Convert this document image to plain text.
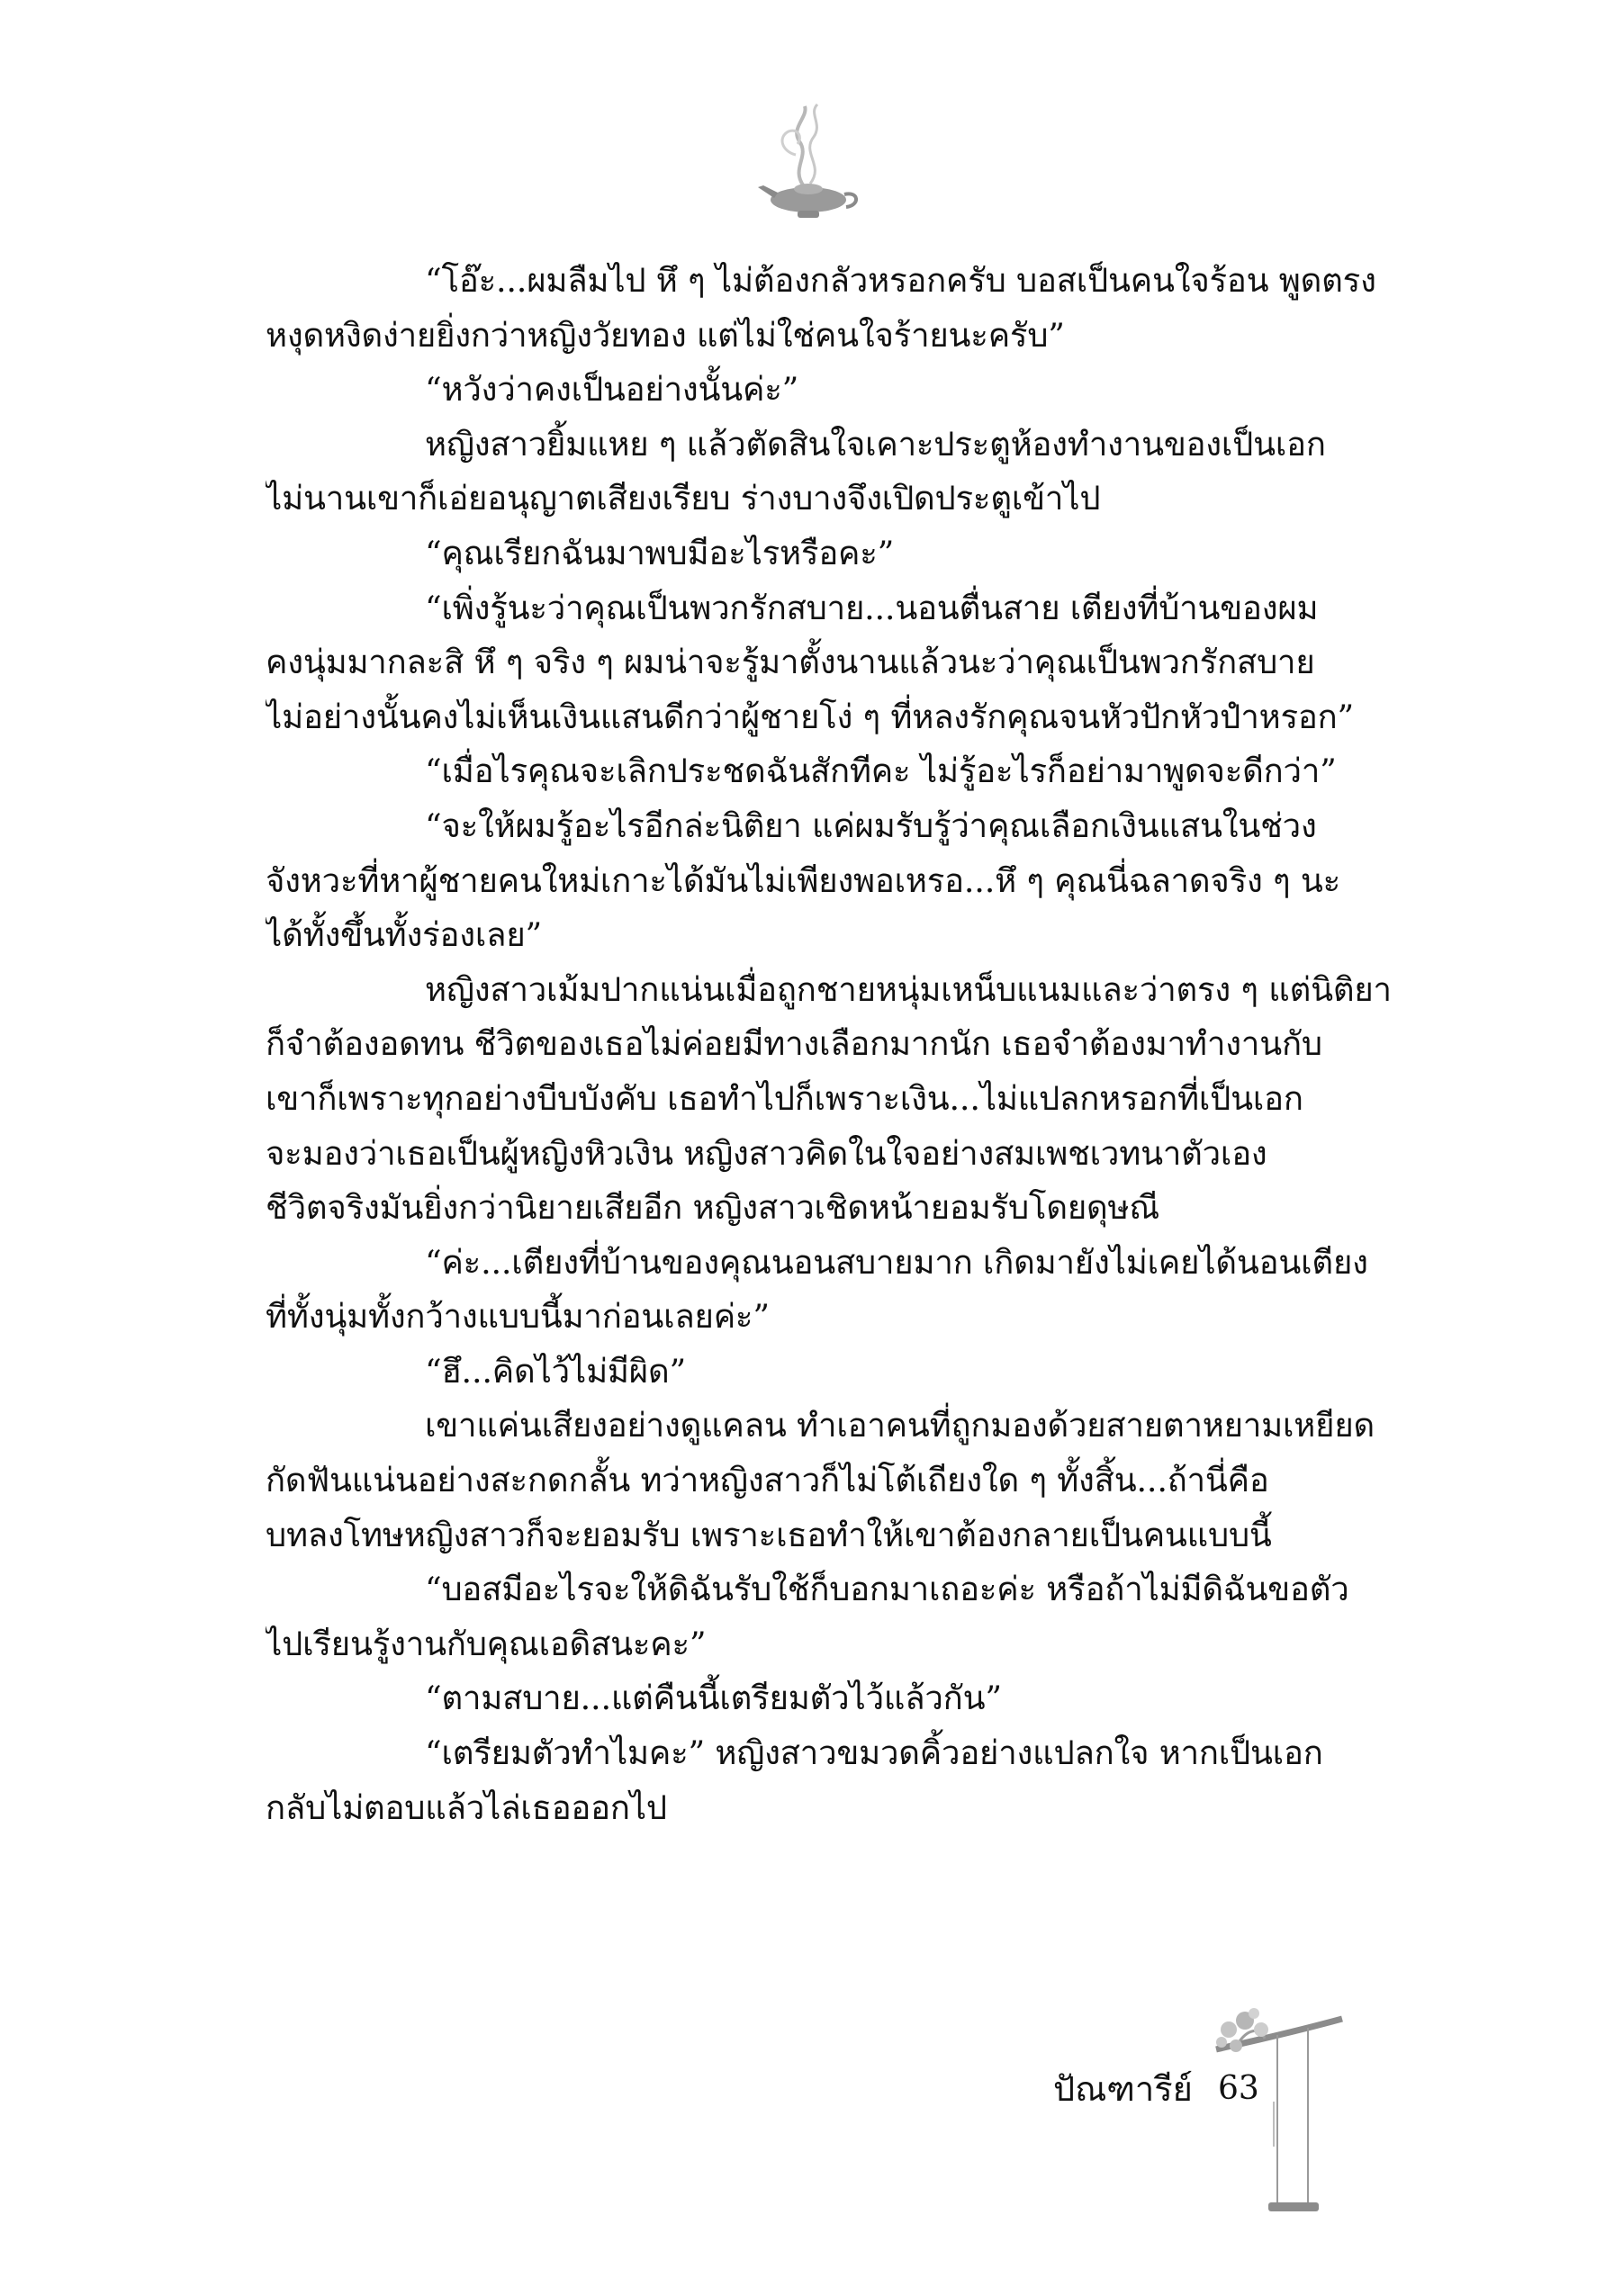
“โอ๊ะ...ผมลืมไป หึ ๆ ไม่ต้องกลัวหรอกครับ บอสเป็นคนใจร้อน พูดตรง
หงุดหงิดง่ายยิ่งกว่าหญิงวัยทอง แต่ไม่ใช่คนใจร้ายนะครับ”
“หวังว่าคงเป็นอย่างนั้นค่ะ”
หญิงสาวยิ้มแหย ๆ แล้วตัดสินใจเคาะประตูห้องทำงานของเป็นเอก
ไม่นานเขาก็เอ่ยอนุญาตเสียงเรียบ ร่างบางจึงเปิดประตูเข้าไป
“คุณเรียกฉันมาพบมีอะไรหรือคะ”
“เพิ่งรู้นะว่าคุณเป็นพวกรักสบาย...นอนตื่นสาย เตียงที่บ้านของผม
คงนุ่มมากละสิ หึ ๆ จริง ๆ ผมน่าจะรู้มาตั้งนานแล้วนะว่าคุณเป็นพวกรักสบาย
ไม่อย่างนั้นคงไม่เห็นเงินแสนดีกว่าผู้ชายโง่ ๆ ที่หลงรักคุณจนหัวปักหัวปำหรอก”
“เมื่อไรคุณจะเลิกประชดฉันสักทีคะ ไม่รู้อะไรก็อย่ามาพูดจะดีกว่า”
“จะให้ผมรู้อะไรอีกล่ะนิติยา แค่ผมรับรู้ว่าคุณเลือกเงินแสนในช่วง
จังหวะที่หาผู้ชายคนใหม่เกาะได้มันไม่เพียงพอเหรอ...หึ ๆ คุณนี่ฉลาดจริง ๆ นะ
ได้ทั้งขึ้นทั้งร่องเลย”
หญิงสาวเม้มปากแน่นเมื่อถูกชายหนุ่มเหน็บแนมและว่าตรง ๆ แต่นิติยา
ก็จำต้องอดทน ชีวิตของเธอไม่ค่อยมีทางเลือกมากนัก เธอจำต้องมาทำงานกับ
เขาก็เพราะทุกอย่างบีบบังคับ เธอทำไปก็เพราะเงิน...ไม่แปลกหรอกที่เป็นเอก
จะมองว่าเธอเป็นผู้หญิงหิวเงิน หญิงสาวคิดในใจอย่างสมเพชเวทนาตัวเอง
ชีวิตจริงมันยิ่งกว่านิยายเสียอีก หญิงสาวเชิดหน้ายอมรับโดยดุษณี
“ค่ะ...เตียงที่บ้านของคุณนอนสบายมาก เกิดมายังไม่เคยได้นอนเตียง
ที่ทั้งนุ่มทั้งกว้างแบบนี้มาก่อนเลยค่ะ”
“ฮึ...คิดไว้ไม่มีผิด”
เขาแค่นเสียงอย่างดูแคลน ทำเอาคนที่ถูกมองด้วยสายตาหยามเหยียด
กัดฟันแน่นอย่างสะกดกลั้น ทว่าหญิงสาวก็ไม่โต้เถียงใด ๆ ทั้งสิ้น...ถ้านี่คือ
บทลงโทษหญิงสาวก็จะยอมรับ เพราะเธอทำให้เขาต้องกลายเป็นคนแบบนี้
“บอสมีอะไรจะให้ดิฉันรับใช้ก็บอกมาเถอะค่ะ หรือถ้าไม่มีดิฉันขอตัว
ไปเรียนรู้งานกับคุณเอดิสนะคะ”
“ตามสบาย...แต่คืนนี้เตรียมตัวไว้แล้วกัน”
“เตรียมตัวทำไมคะ” หญิงสาวขมวดคิ้วอย่างแปลกใจ หากเป็นเอก
กลับไม่ตอบแล้วไล่เธอออกไป
ปัณฑารีย์ 63
